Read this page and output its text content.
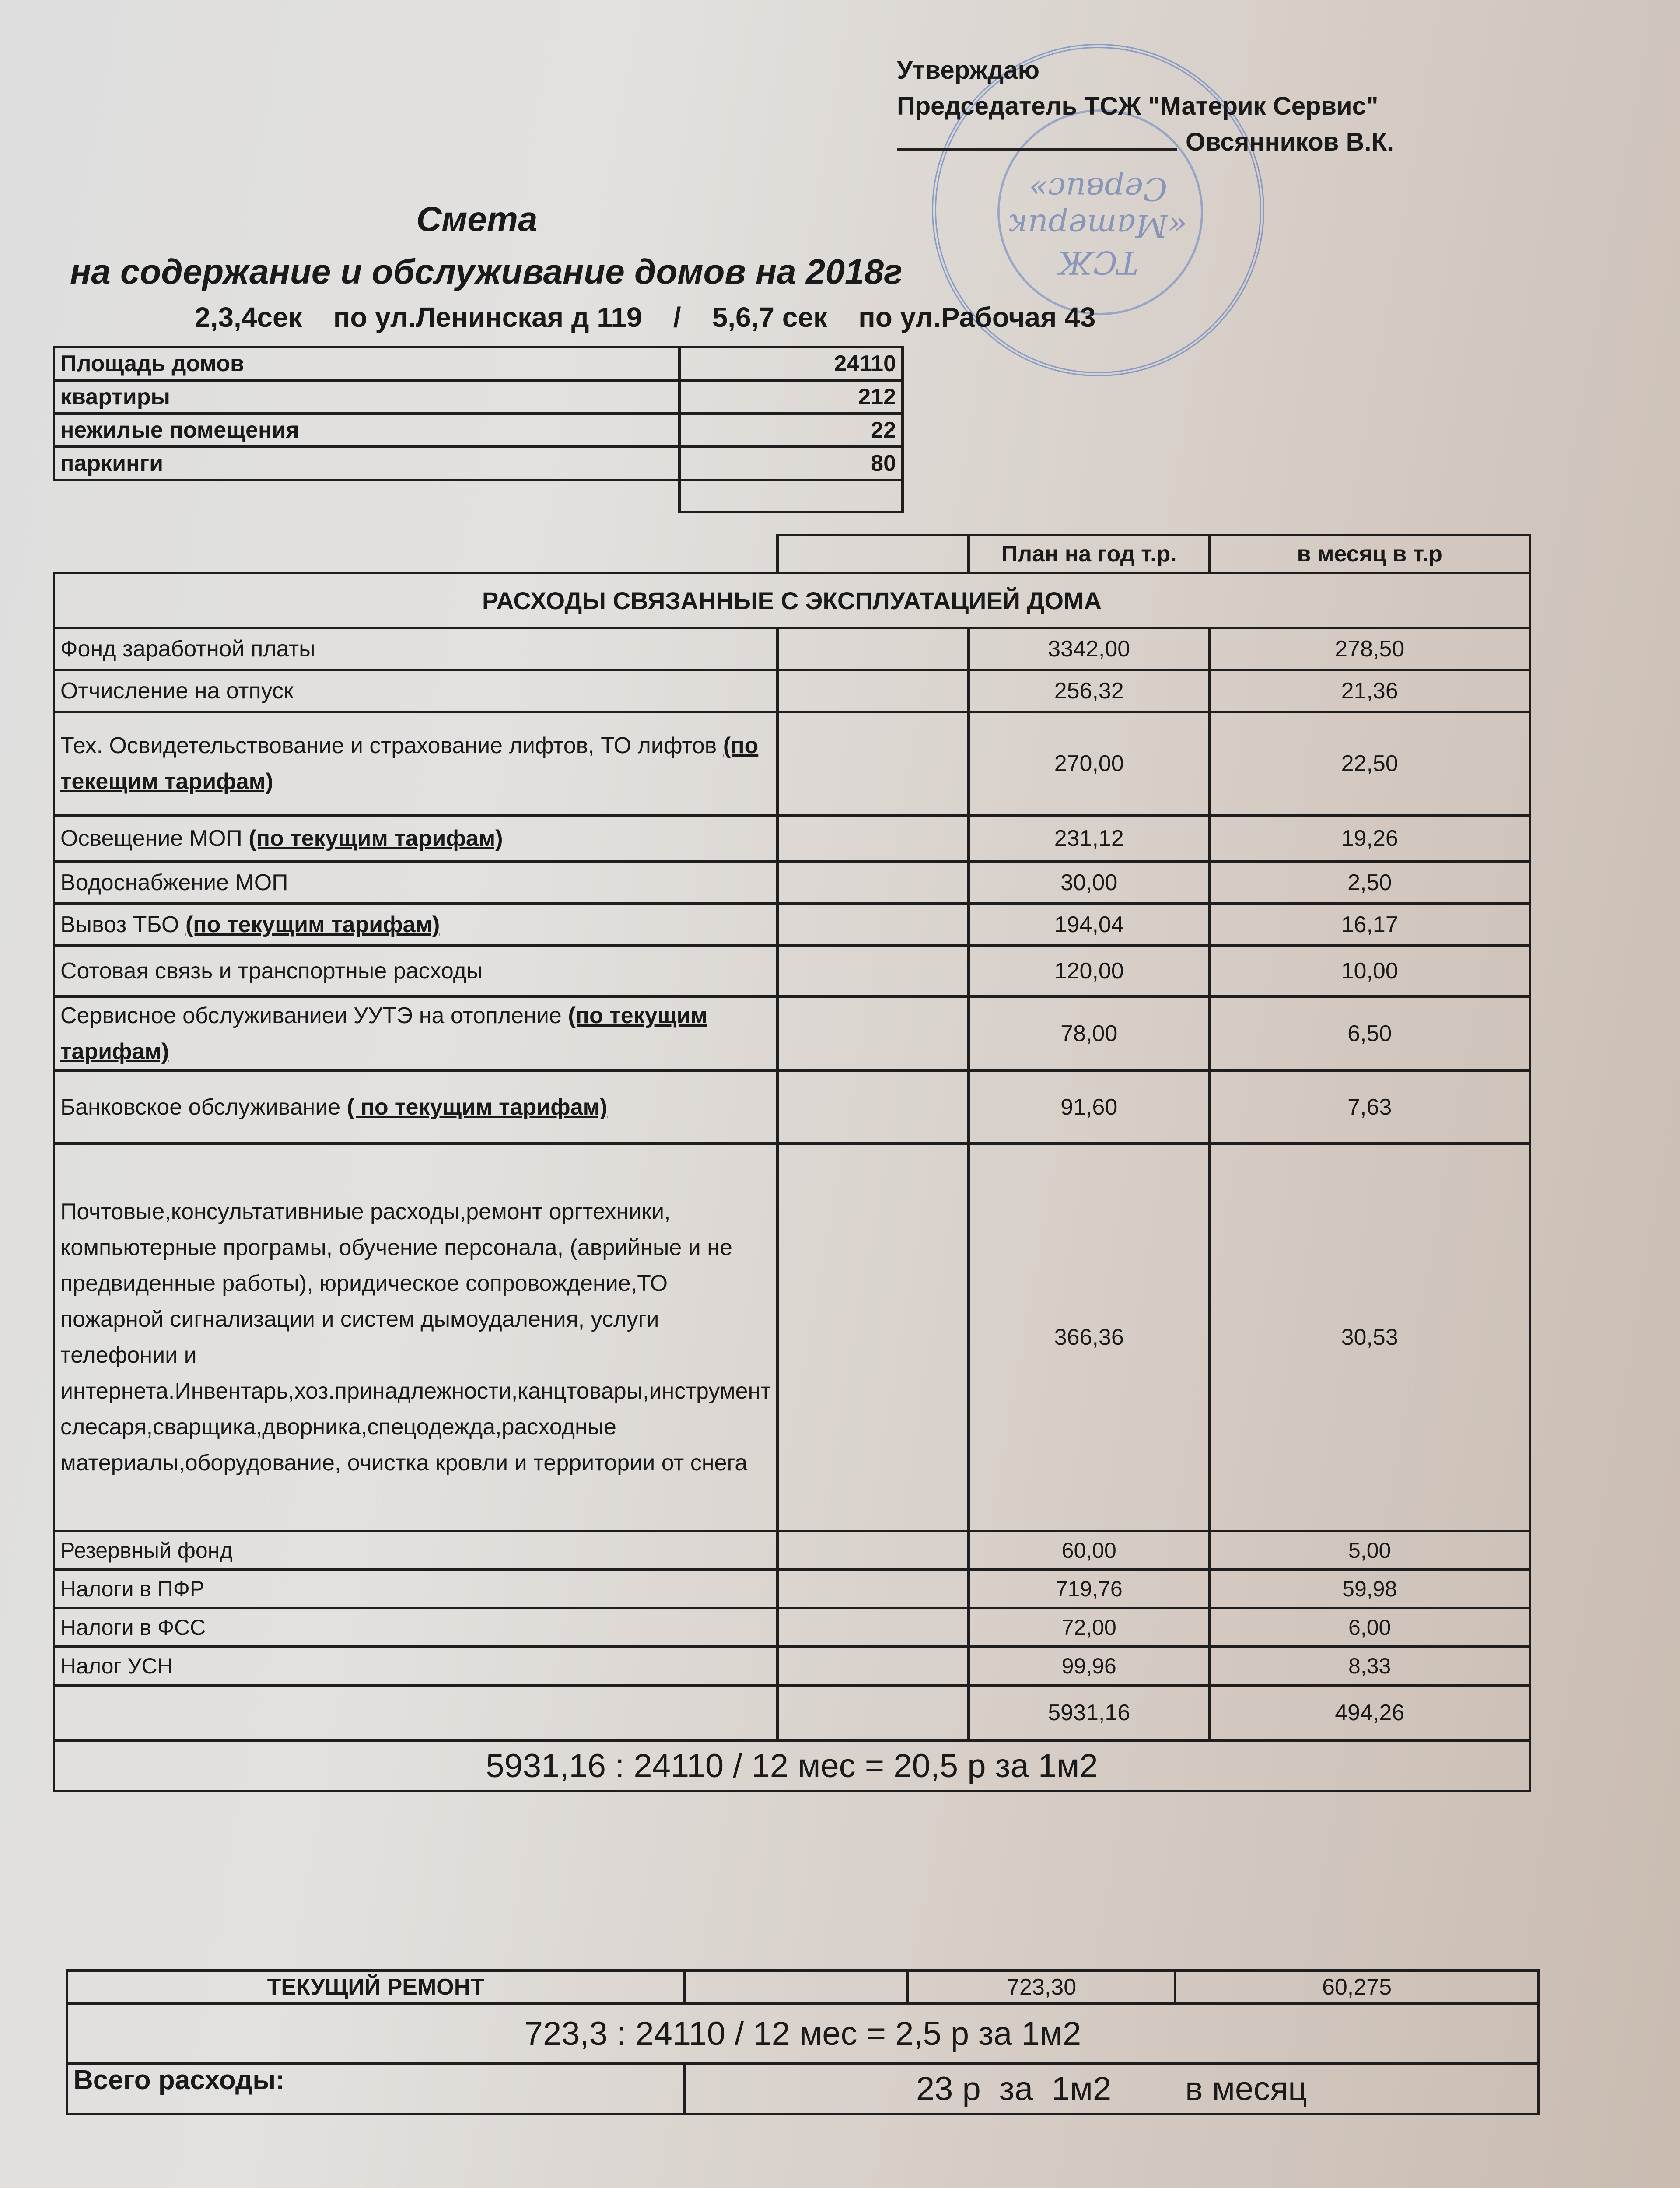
ТСЖ «Материк Сервис»
Утверждаю
Председатель ТСЖ "Материк Сервис"
Овсянников В.К.
Смета
на содержание и обслуживание домов на 2018г
2,3,4сек    по ул.Ленинская д 119    /    5,6,7 сек    по ул.Рабочая 43
Площадь домов	24110
квартиры	212
нежилые помещения	22
паркинги	80

		План на год т.р.	в месяц в т.р
РАСХОДЫ СВЯЗАННЫЕ С ЭКСПЛУАТАЦИЕЙ ДОМА			
Фонд заработной платы		3342,00	278,50
Отчисление на отпуск		256,32	21,36
Тех. Освидетельствование и страхование лифтов, ТО лифтов (по текещим тарифам)		270,00	22,50
Освещение МОП (по текущим тарифам)		231,12	19,26
Водоснабжение МОП		30,00	2,50
Вывоз ТБО (по текущим тарифам)		194,04	16,17
Сотовая связь и транспортные расходы		120,00	10,00
Сервисное обслуживаниеи УУТЭ на отопление (по текущим тарифам)		78,00	6,50
Банковское обслуживание ( по текущим тарифам)		91,60	7,63
Почтовые,консультативниые расходы,ремонт оргтехники, компьютерные програмы, обучение персонала, (аврийные и не предвиденные работы), юридическое сопровождение,ТО пожарной сигнализации и систем дымоудаления, услуги телефонии и интернета.Инвентарь,хоз.принадлежности,канцтовары,инструмент слесаря,сварщика,дворника,спецодежда,расходные материалы,оборудование, очистка кровли и территории от снега		366,36	30,53
Резервный фонд		60,00	5,00
Налоги в ПФР		719,76	59,98
Налоги в ФСС		72,00	6,00
Налог УСН		99,96	8,33
		5931,16	494,26
5931,16 : 24110 / 12 мес = 20,5 р за 1м2			
ТЕКУЩИЙ РЕМОНТ		723,30	60,275
723,3 : 24110 / 12 мес = 2,5 р за 1м2			
Всего расходы:	23 р  за  1м2        в месяц		
